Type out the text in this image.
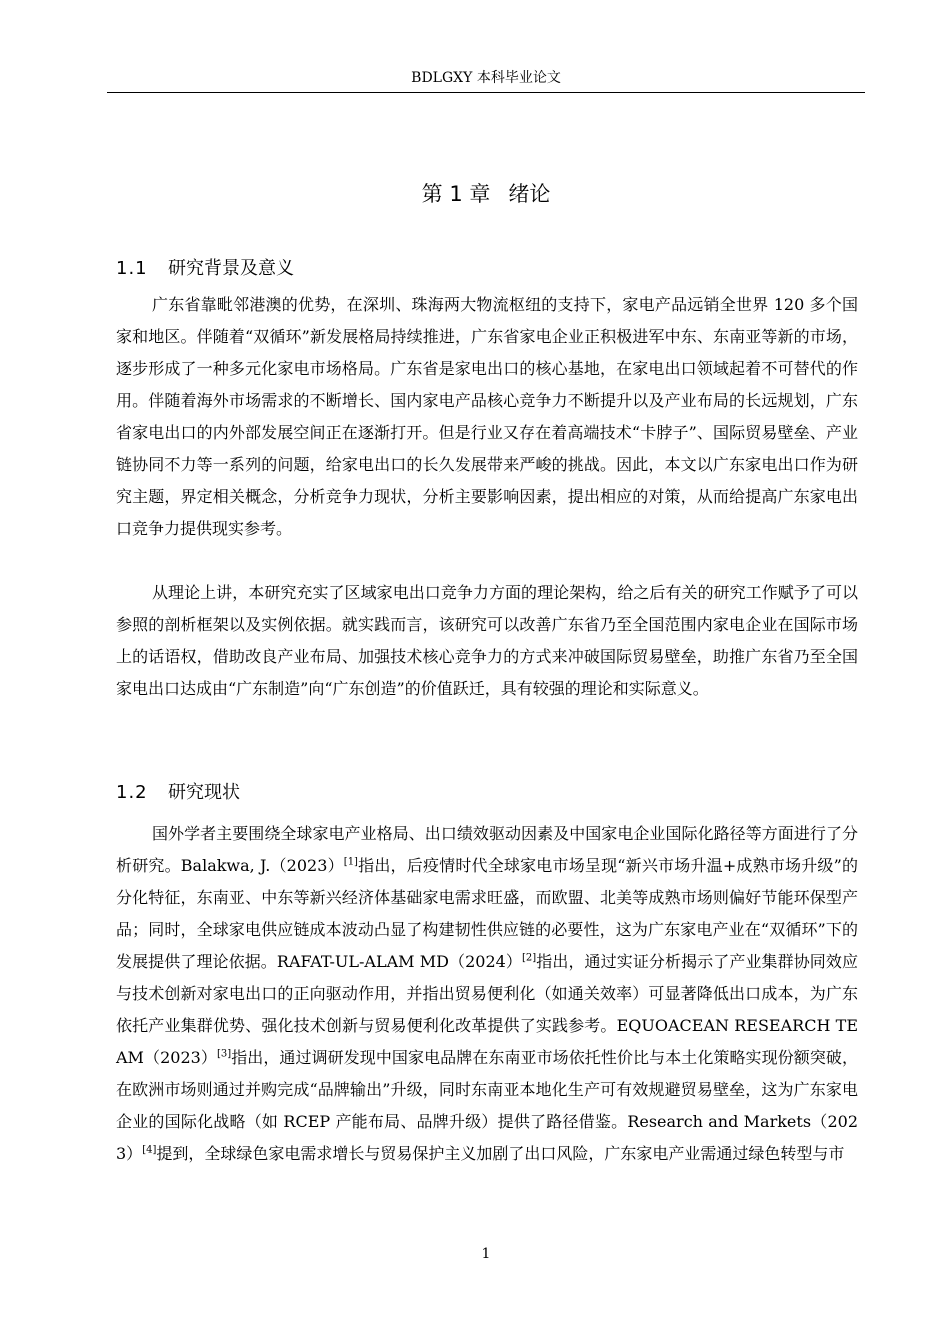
BDLGXY 本科毕业论文
第 1 章 绪论
1.1 研究背景及意义
广东省靠毗邻港澳的优势，在深圳、珠海两大物流枢纽的支持下，家电产品远销全世界 120 多个国家和地区。伴随着“双循环”新发展格局持续推进，广东省家电企业正积极进军中东、东南亚等新的市场，逐步形成了一种多元化家电市场格局。广东省是家电出口的核心基地，在家电出口领域起着不可替代的作用。伴随着海外市场需求的不断增长、国内家电产品核心竞争力不断提升以及产业布局的长远规划，广东省家电出口的内外部发展空间正在逐渐打开。但是行业又存在着高端技术“卡脖子”、国际贸易壁垒、产业链协同不力等一系列的问题，给家电出口的长久发展带来严峻的挑战。因此，本文以广东家电出口作为研究主题，界定相关概念，分析竞争力现状，分析主要影响因素，提出相应的对策，从而给提高广东家电出口竞争力提供现实参考。
从理论上讲，本研究充实了区域家电出口竞争力方面的理论架构，给之后有关的研究工作赋予了可以参照的剖析框架以及实例依据。就实践而言，该研究可以改善广东省乃至全国范围内家电企业在国际市场上的话语权，借助改良产业布局、加强技术核心竞争力的方式来冲破国际贸易壁垒，助推广东省乃至全国家电出口达成由“广东制造”向“广东创造”的价值跃迁，具有较强的理论和实际意义。
1.2 研究现状
国外学者主要围绕全球家电产业格局、出口绩效驱动因素及中国家电企业国际化路径等方面进行了分析研究。Balakwa, J.（2023）[1]指出，后疫情时代全球家电市场呈现“新兴市场升温+成熟市场升级”的分化特征，东南亚、中东等新兴经济体基础家电需求旺盛，而欧盟、北美等成熟市场则偏好节能环保型产品；同时，全球家电供应链成本波动凸显了构建韧性供应链的必要性，这为广东家电产业在“双循环”下的发展提供了理论依据。RAFAT-UL-ALAM MD（2024）[2]指出，通过实证分析揭示了产业集群协同效应与技术创新对家电出口的正向驱动作用，并指出贸易便利化（如通关效率）可显著降低出口成本，为广东依托产业集群优势、强化技术创新与贸易便利化改革提供了实践参考。EQUOACEAN RESEARCH TEAM（2023）[3]指出，通过调研发现中国家电品牌在东南亚市场依托性价比与本土化策略实现份额突破，在欧洲市场则通过并购完成“品牌输出”升级，同时东南亚本地化生产可有效规避贸易壁垒，这为广东家电企业的国际化战略（如 RCEP 产能布局、品牌升级）提供了路径借鉴。Research and Markets（2023）[4]提到，全球绿色家电需求增长与贸易保护主义加剧了出口风险，广东家电产业需通过绿色转型与市
1
